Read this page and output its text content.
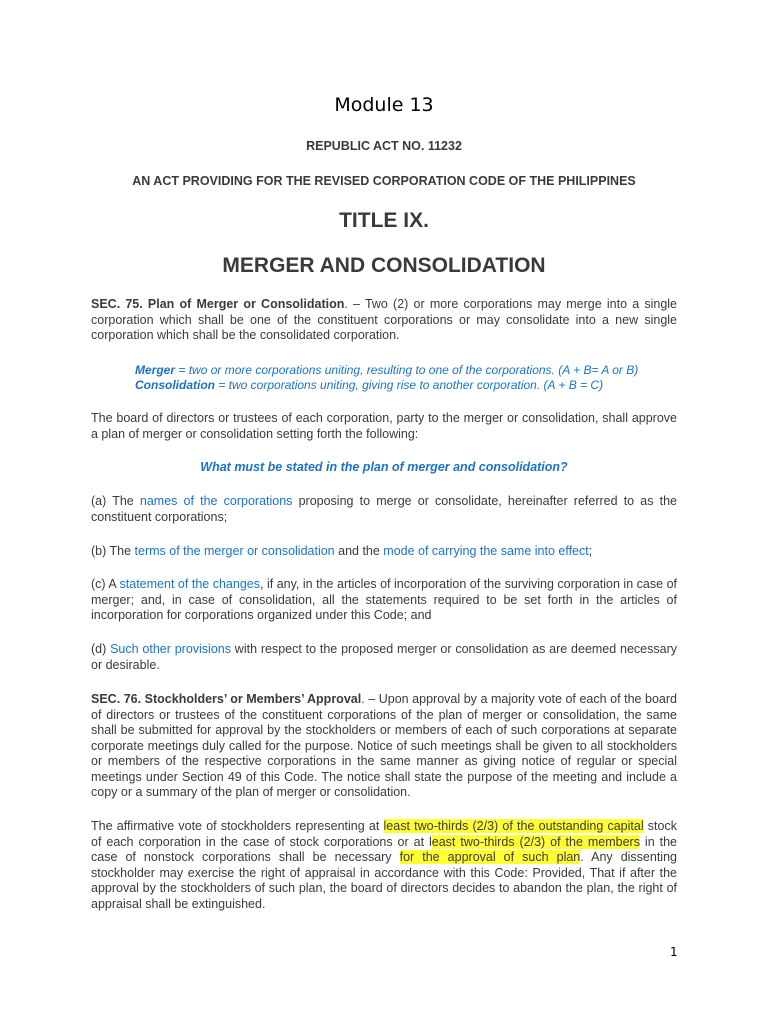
Module 13
REPUBLIC ACT NO. 11232
AN ACT PROVIDING FOR THE REVISED CORPORATION CODE OF THE PHILIPPINES
TITLE IX.
MERGER AND CONSOLIDATION

SEC. 75. Plan of Merger or Consolidation. – Two (2) or more corporations may merge into a single corporation which shall be one of the constituent corporations or may consolidate into a new single corporation which shall be the consolidated corporation.

Merger = two or more corporations uniting, resulting to one of the corporations. (A + B= A or B)
Consolidation = two corporations uniting, giving rise to another corporation. (A + B = C)

The board of directors or trustees of each corporation, party to the merger or consolidation, shall approve a plan of merger or consolidation setting forth the following:

What must be stated in the plan of merger and consolidation?

(a) The names of the corporations proposing to merge or consolidate, hereinafter referred to as the constituent corporations;

(b) The terms of the merger or consolidation and the mode of carrying the same into effect;

(c) A statement of the changes, if any, in the articles of incorporation of the surviving corporation in case of merger; and, in case of consolidation, all the statements required to be set forth in the articles of incorporation for corporations organized under this Code; and

(d) Such other provisions with respect to the proposed merger or consolidation as are deemed necessary or desirable.

SEC. 76. Stockholders’ or Members’ Approval. – Upon approval by a majority vote of each of the board of directors or trustees of the constituent corporations of the plan of merger or consolidation, the same shall be submitted for approval by the stockholders or members of each of such corporations at separate corporate meetings duly called for the purpose. Notice of such meetings shall be given to all stockholders or members of the respective corporations in the same manner as giving notice of regular or special meetings under Section 49 of this Code. The notice shall state the purpose of the meeting and include a copy or a summary of the plan of merger or consolidation.

The affirmative vote of stockholders representing at least two-thirds (2/3) of the outstanding capital stock of each corporation in the case of stock corporations or at least two-thirds (2/3) of the members in the case of nonstock corporations shall be necessary for the approval of such plan. Any dissenting stockholder may exercise the right of appraisal in accordance with this Code: Provided, That if after the approval by the stockholders of such plan, the board of directors decides to abandon the plan, the right of appraisal shall be extinguished.

1
